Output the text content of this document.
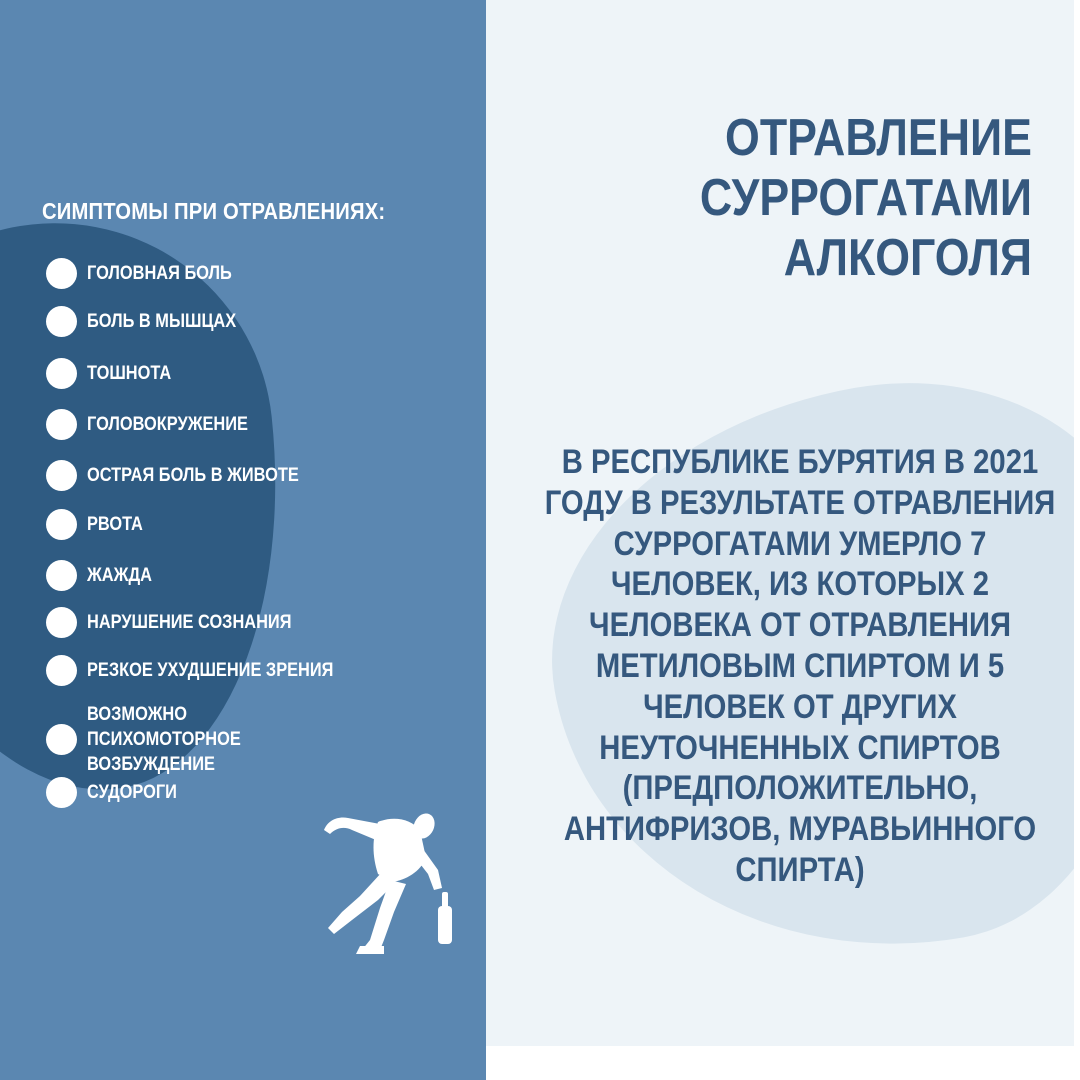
СИМПТОМЫ ПРИ ОТРАВЛЕНИЯХ:
ГОЛОВНАЯ БОЛЬ
БОЛЬ В МЫШЦАХ
ТОШНОТА
ГОЛОВОКРУЖЕНИЕ
ОСТРАЯ БОЛЬ В ЖИВОТЕ
РВОТА
ЖАЖДА
НАРУШЕНИЕ СОЗНАНИЯ
РЕЗКОЕ УХУДШЕНИЕ ЗРЕНИЯ
ВОЗМОЖНО ПСИХОМОТОРНОЕ ВОЗБУЖДЕНИЕ
СУДОРОГИ
ОТРАВЛЕНИЕ СУРРОГАТАМИ АЛКОГОЛЯ
В РЕСПУБЛИКЕ БУРЯТИЯ В 2021 ГОДУ В РЕЗУЛЬТАТЕ ОТРАВЛЕНИЯ СУРРОГАТАМИ УМЕРЛО 7 ЧЕЛОВЕК, ИЗ КОТОРЫХ 2 ЧЕЛОВЕКА ОТ ОТРАВЛЕНИЯ МЕТИЛОВЫМ СПИРТОМ И 5 ЧЕЛОВЕК ОТ ДРУГИХ НЕУТОЧНЕННЫХ СПИРТОВ (ПРЕДПОЛОЖИТЕЛЬНО, АНТИФРИЗОВ, МУРАВЬИННОГО СПИРТА)
